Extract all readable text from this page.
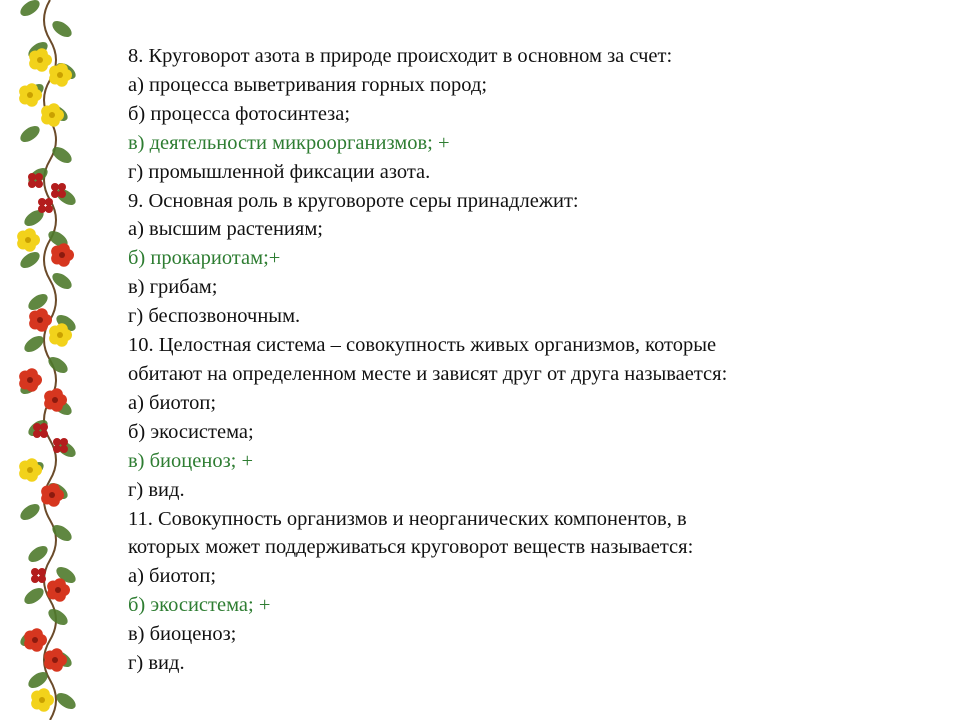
8. Круговорот азота в природе происходит в основном за счет:
а) процесса выветривания горных пород;
б) процесса фотосинтеза;
в) деятельности микроорганизмов; +
г) промышленной фиксации азота.
9. Основная роль в круговороте серы принадлежит:
а) высшим растениям;
б) прокариотам;+
в) грибам;
г) беспозвоночным.
10. Целостная система – совокупность живых организмов, которые
обитают на определенном месте и зависят друг от друга называется:
а) биотоп;
б) экосистема;
в) биоценоз; +
г) вид.
11. Совокупность организмов и неорганических компонентов, в
которых может поддерживаться круговорот веществ называется:
а) биотоп;
б) экосистема; +
в) биоценоз;
г) вид.
